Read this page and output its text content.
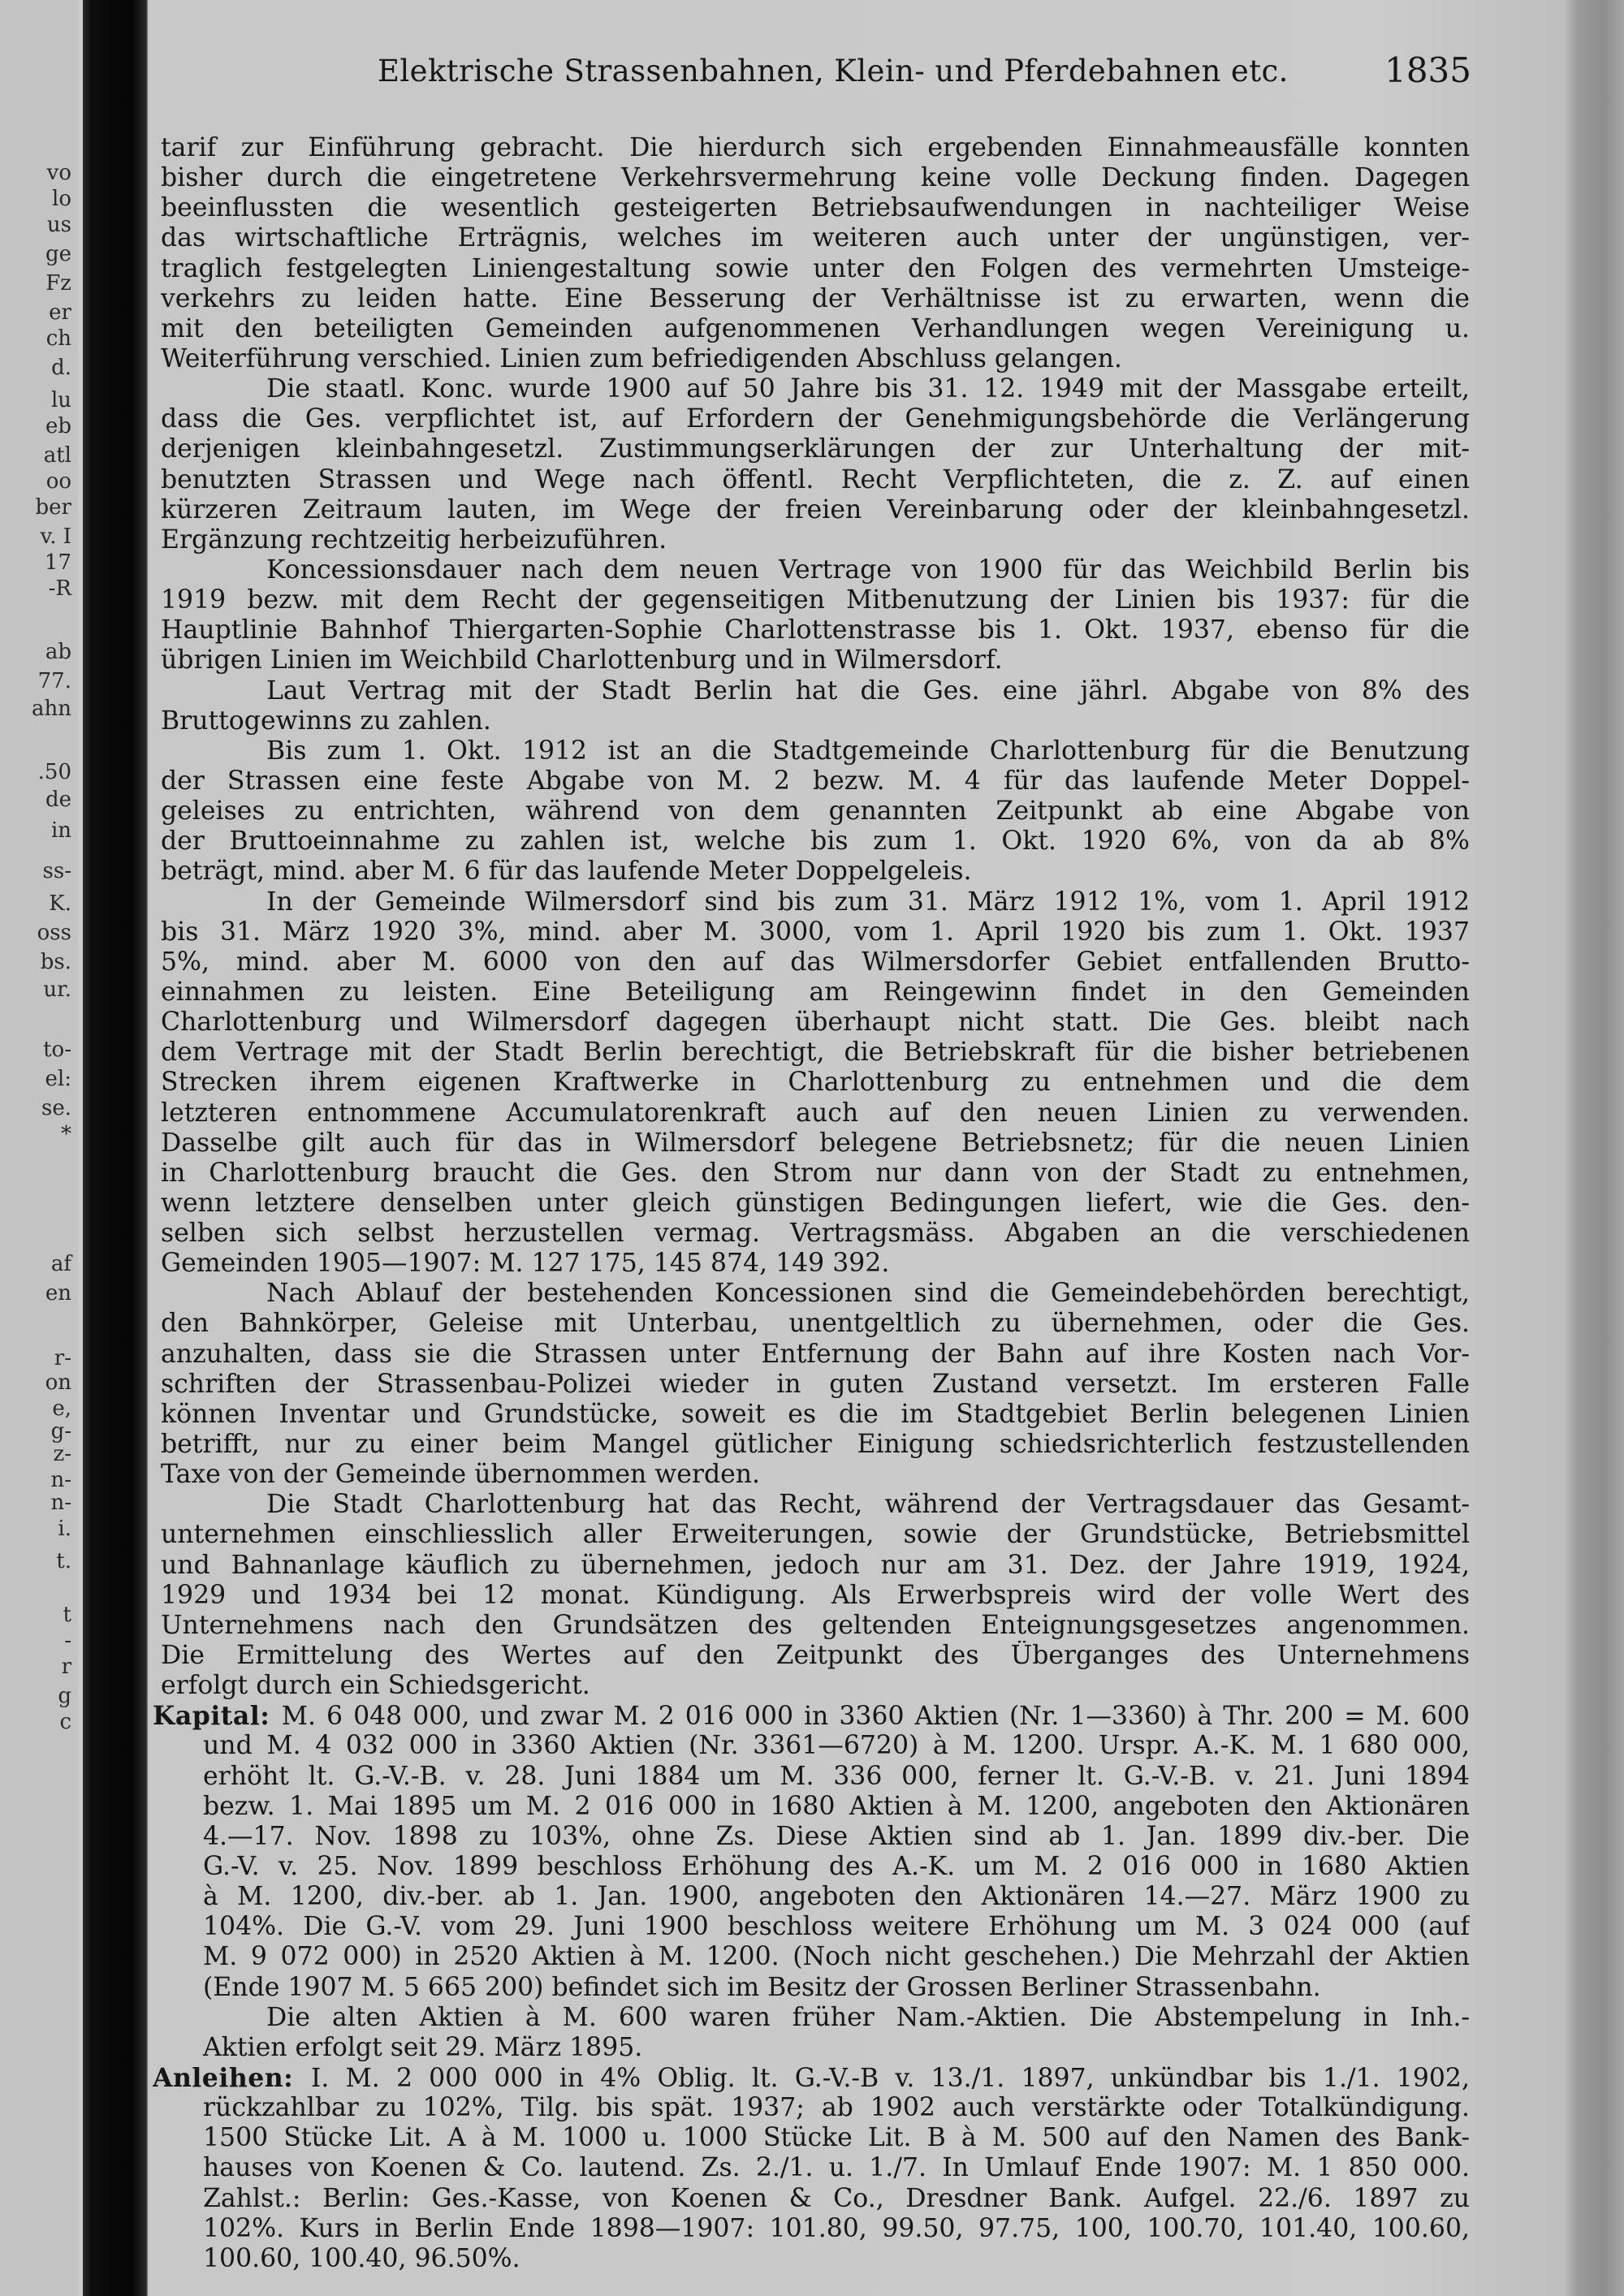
vo
lo
us
ge
Fz
er
ch
d.
lu
eb
atl
oo
ber
v. I
17
-R
ab
77.
ahn
.50
de
in
ss-
K.
oss
bs.
ur.
to-
el:
se.
*
af
en
r-
on
e,
g-
z-
n-
n-
i.
t.
t
-
r
g
c
Elektrische Strassenbahnen, Klein- und Pferdebahnen etc.	1835
tarif zur Einführung gebracht. Die hierdurch sich ergebenden Einnahmeausfälle konnten
bisher durch die eingetretene Verkehrsvermehrung keine volle Deckung finden. Dagegen
beeinflussten die wesentlich gesteigerten Betriebsaufwendungen in nachteiliger Weise
das wirtschaftliche Erträgnis, welches im weiteren auch unter der ungünstigen, ver-
traglich festgelegten Liniengestaltung sowie unter den Folgen des vermehrten Umsteige-
verkehrs zu leiden hatte. Eine Besserung der Verhältnisse ist zu erwarten, wenn die
mit den beteiligten Gemeinden aufgenommenen Verhandlungen wegen Vereinigung u.
Weiterführung verschied. Linien zum befriedigenden Abschluss gelangen.
Die staatl. Konc. wurde 1900 auf 50 Jahre bis 31. 12. 1949 mit der Massgabe erteilt,
dass die Ges. verpflichtet ist, auf Erfordern der Genehmigungsbehörde die Verlängerung
derjenigen kleinbahngesetzl. Zustimmungserklärungen der zur Unterhaltung der mit-
benutzten Strassen und Wege nach öffentl. Recht Verpflichteten, die z. Z. auf einen
kürzeren Zeitraum lauten, im Wege der freien Vereinbarung oder der kleinbahngesetzl.
Ergänzung rechtzeitig herbeizuführen.
Koncessionsdauer nach dem neuen Vertrage von 1900 für das Weichbild Berlin bis
1919 bezw. mit dem Recht der gegenseitigen Mitbenutzung der Linien bis 1937: für die
Hauptlinie Bahnhof Thiergarten-Sophie Charlottenstrasse bis 1. Okt. 1937, ebenso für die
übrigen Linien im Weichbild Charlottenburg und in Wilmersdorf.
Laut Vertrag mit der Stadt Berlin hat die Ges. eine jährl. Abgabe von 8% des
Bruttogewinns zu zahlen.
Bis zum 1. Okt. 1912 ist an die Stadtgemeinde Charlottenburg für die Benutzung
der Strassen eine feste Abgabe von M. 2 bezw. M. 4 für das laufende Meter Doppel-
geleises zu entrichten, während von dem genannten Zeitpunkt ab eine Abgabe von
der Bruttoeinnahme zu zahlen ist, welche bis zum 1. Okt. 1920 6%, von da ab 8%
beträgt, mind. aber M. 6 für das laufende Meter Doppelgeleis.
In der Gemeinde Wilmersdorf sind bis zum 31. März 1912 1%, vom 1. April 1912
bis 31. März 1920 3%, mind. aber M. 3000, vom 1. April 1920 bis zum 1. Okt. 1937
5%, mind. aber M. 6000 von den auf das Wilmersdorfer Gebiet entfallenden Brutto-
einnahmen zu leisten. Eine Beteiligung am Reingewinn findet in den Gemeinden
Charlottenburg und Wilmersdorf dagegen überhaupt nicht statt. Die Ges. bleibt nach
dem Vertrage mit der Stadt Berlin berechtigt, die Betriebskraft für die bisher betriebenen
Strecken ihrem eigenen Kraftwerke in Charlottenburg zu entnehmen und die dem
letzteren entnommene Accumulatorenkraft auch auf den neuen Linien zu verwenden.
Dasselbe gilt auch für das in Wilmersdorf belegene Betriebsnetz; für die neuen Linien
in Charlottenburg braucht die Ges. den Strom nur dann von der Stadt zu entnehmen,
wenn letztere denselben unter gleich günstigen Bedingungen liefert, wie die Ges. den-
selben sich selbst herzustellen vermag. Vertragsmäss. Abgaben an die verschiedenen
Gemeinden 1905—1907: M. 127 175, 145 874, 149 392.
Nach Ablauf der bestehenden Koncessionen sind die Gemeindebehörden berechtigt,
den Bahnkörper, Geleise mit Unterbau, unentgeltlich zu übernehmen, oder die Ges.
anzuhalten, dass sie die Strassen unter Entfernung der Bahn auf ihre Kosten nach Vor-
schriften der Strassenbau-Polizei wieder in guten Zustand versetzt. Im ersteren Falle
können Inventar und Grundstücke, soweit es die im Stadtgebiet Berlin belegenen Linien
betrifft, nur zu einer beim Mangel gütlicher Einigung schiedsrichterlich festzustellenden
Taxe von der Gemeinde übernommen werden.
Die Stadt Charlottenburg hat das Recht, während der Vertragsdauer das Gesamt-
unternehmen einschliesslich aller Erweiterungen, sowie der Grundstücke, Betriebsmittel
und Bahnanlage käuflich zu übernehmen, jedoch nur am 31. Dez. der Jahre 1919, 1924,
1929 und 1934 bei 12 monat. Kündigung. Als Erwerbspreis wird der volle Wert des
Unternehmens nach den Grundsätzen des geltenden Enteignungsgesetzes angenommen.
Die Ermittelung des Wertes auf den Zeitpunkt des Überganges des Unternehmens
erfolgt durch ein Schiedsgericht.
Kapital: M. 6 048 000, und zwar M. 2 016 000 in 3360 Aktien (Nr. 1—3360) à Thr. 200 = M. 600
und M. 4 032 000 in 3360 Aktien (Nr. 3361—6720) à M. 1200. Urspr. A.-K. M. 1 680 000,
erhöht lt. G.-V.-B. v. 28. Juni 1884 um M. 336 000, ferner lt. G.-V.-B. v. 21. Juni 1894
bezw. 1. Mai 1895 um M. 2 016 000 in 1680 Aktien à M. 1200, angeboten den Aktionären
4.—17. Nov. 1898 zu 103%, ohne Zs. Diese Aktien sind ab 1. Jan. 1899 div.-ber. Die
G.-V. v. 25. Nov. 1899 beschloss Erhöhung des A.-K. um M. 2 016 000 in 1680 Aktien
à M. 1200, div.-ber. ab 1. Jan. 1900, angeboten den Aktionären 14.—27. März 1900 zu
104%. Die G.-V. vom 29. Juni 1900 beschloss weitere Erhöhung um M. 3 024 000 (auf
M. 9 072 000) in 2520 Aktien à M. 1200. (Noch nicht geschehen.) Die Mehrzahl der Aktien
(Ende 1907 M. 5 665 200) befindet sich im Besitz der Grossen Berliner Strassenbahn.
Die alten Aktien à M. 600 waren früher Nam.-Aktien. Die Abstempelung in Inh.-
Aktien erfolgt seit 29. März 1895.
Anleihen: I. M. 2 000 000 in 4% Oblig. lt. G.-V.-B v. 13./1. 1897, unkündbar bis 1./1. 1902,
rückzahlbar zu 102%, Tilg. bis spät. 1937; ab 1902 auch verstärkte oder Totalkündigung.
1500 Stücke Lit. A à M. 1000 u. 1000 Stücke Lit. B à M. 500 auf den Namen des Bank-
hauses von Koenen & Co. lautend. Zs. 2./1. u. 1./7. In Umlauf Ende 1907: M. 1 850 000.
Zahlst.: Berlin: Ges.-Kasse, von Koenen & Co., Dresdner Bank. Aufgel. 22./6. 1897 zu
102%. Kurs in Berlin Ende 1898—1907: 101.80, 99.50, 97.75, 100, 100.70, 101.40, 100.60,
100.60, 100.40, 96.50%.
